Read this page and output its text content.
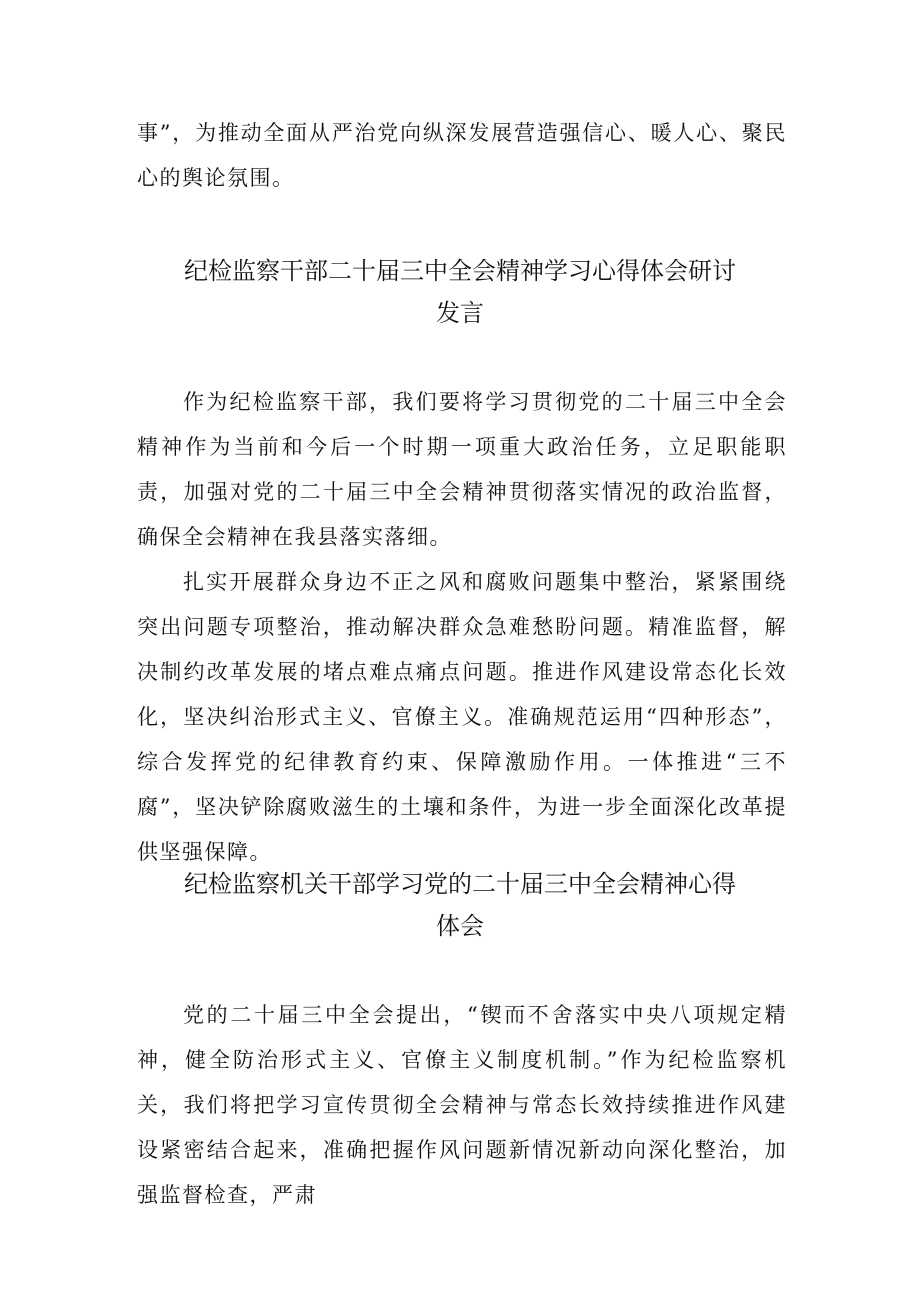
事”，为推动全面从严治党向纵深发展营造强信心、暖人心、聚民心的舆论氛围。

纪检监察干部二十届三中全会精神学习心得体会研讨
发言

作为纪检监察干部，我们要将学习贯彻党的二十届三中全会精神作为当前和今后一个时期一项重大政治任务，立足职能职责，加强对党的二十届三中全会精神贯彻落实情况的政治监督，确保全会精神在我县落实落细。

扎实开展群众身边不正之风和腐败问题集中整治，紧紧围绕突出问题专项整治，推动解决群众急难愁盼问题。精准监督，解决制约改革发展的堵点难点痛点问题。推进作风建设常态化长效化，坚决纠治形式主义、官僚主义。准确规范运用“四种形态”，综合发挥党的纪律教育约束、保障激励作用。一体推进“三不腐”，坚决铲除腐败滋生的土壤和条件，为进一步全面深化改革提供坚强保障。

纪检监察机关干部学习党的二十届三中全会精神心得
体会

党的二十届三中全会提出，“锲而不舍落实中央八项规定精神，健全防治形式主义、官僚主义制度机制。”作为纪检监察机关，我们将把学习宣传贯彻全会精神与常态长效持续推进作风建设紧密结合起来，准确把握作风问题新情况新动向深化整治，加强监督检查，严肃
